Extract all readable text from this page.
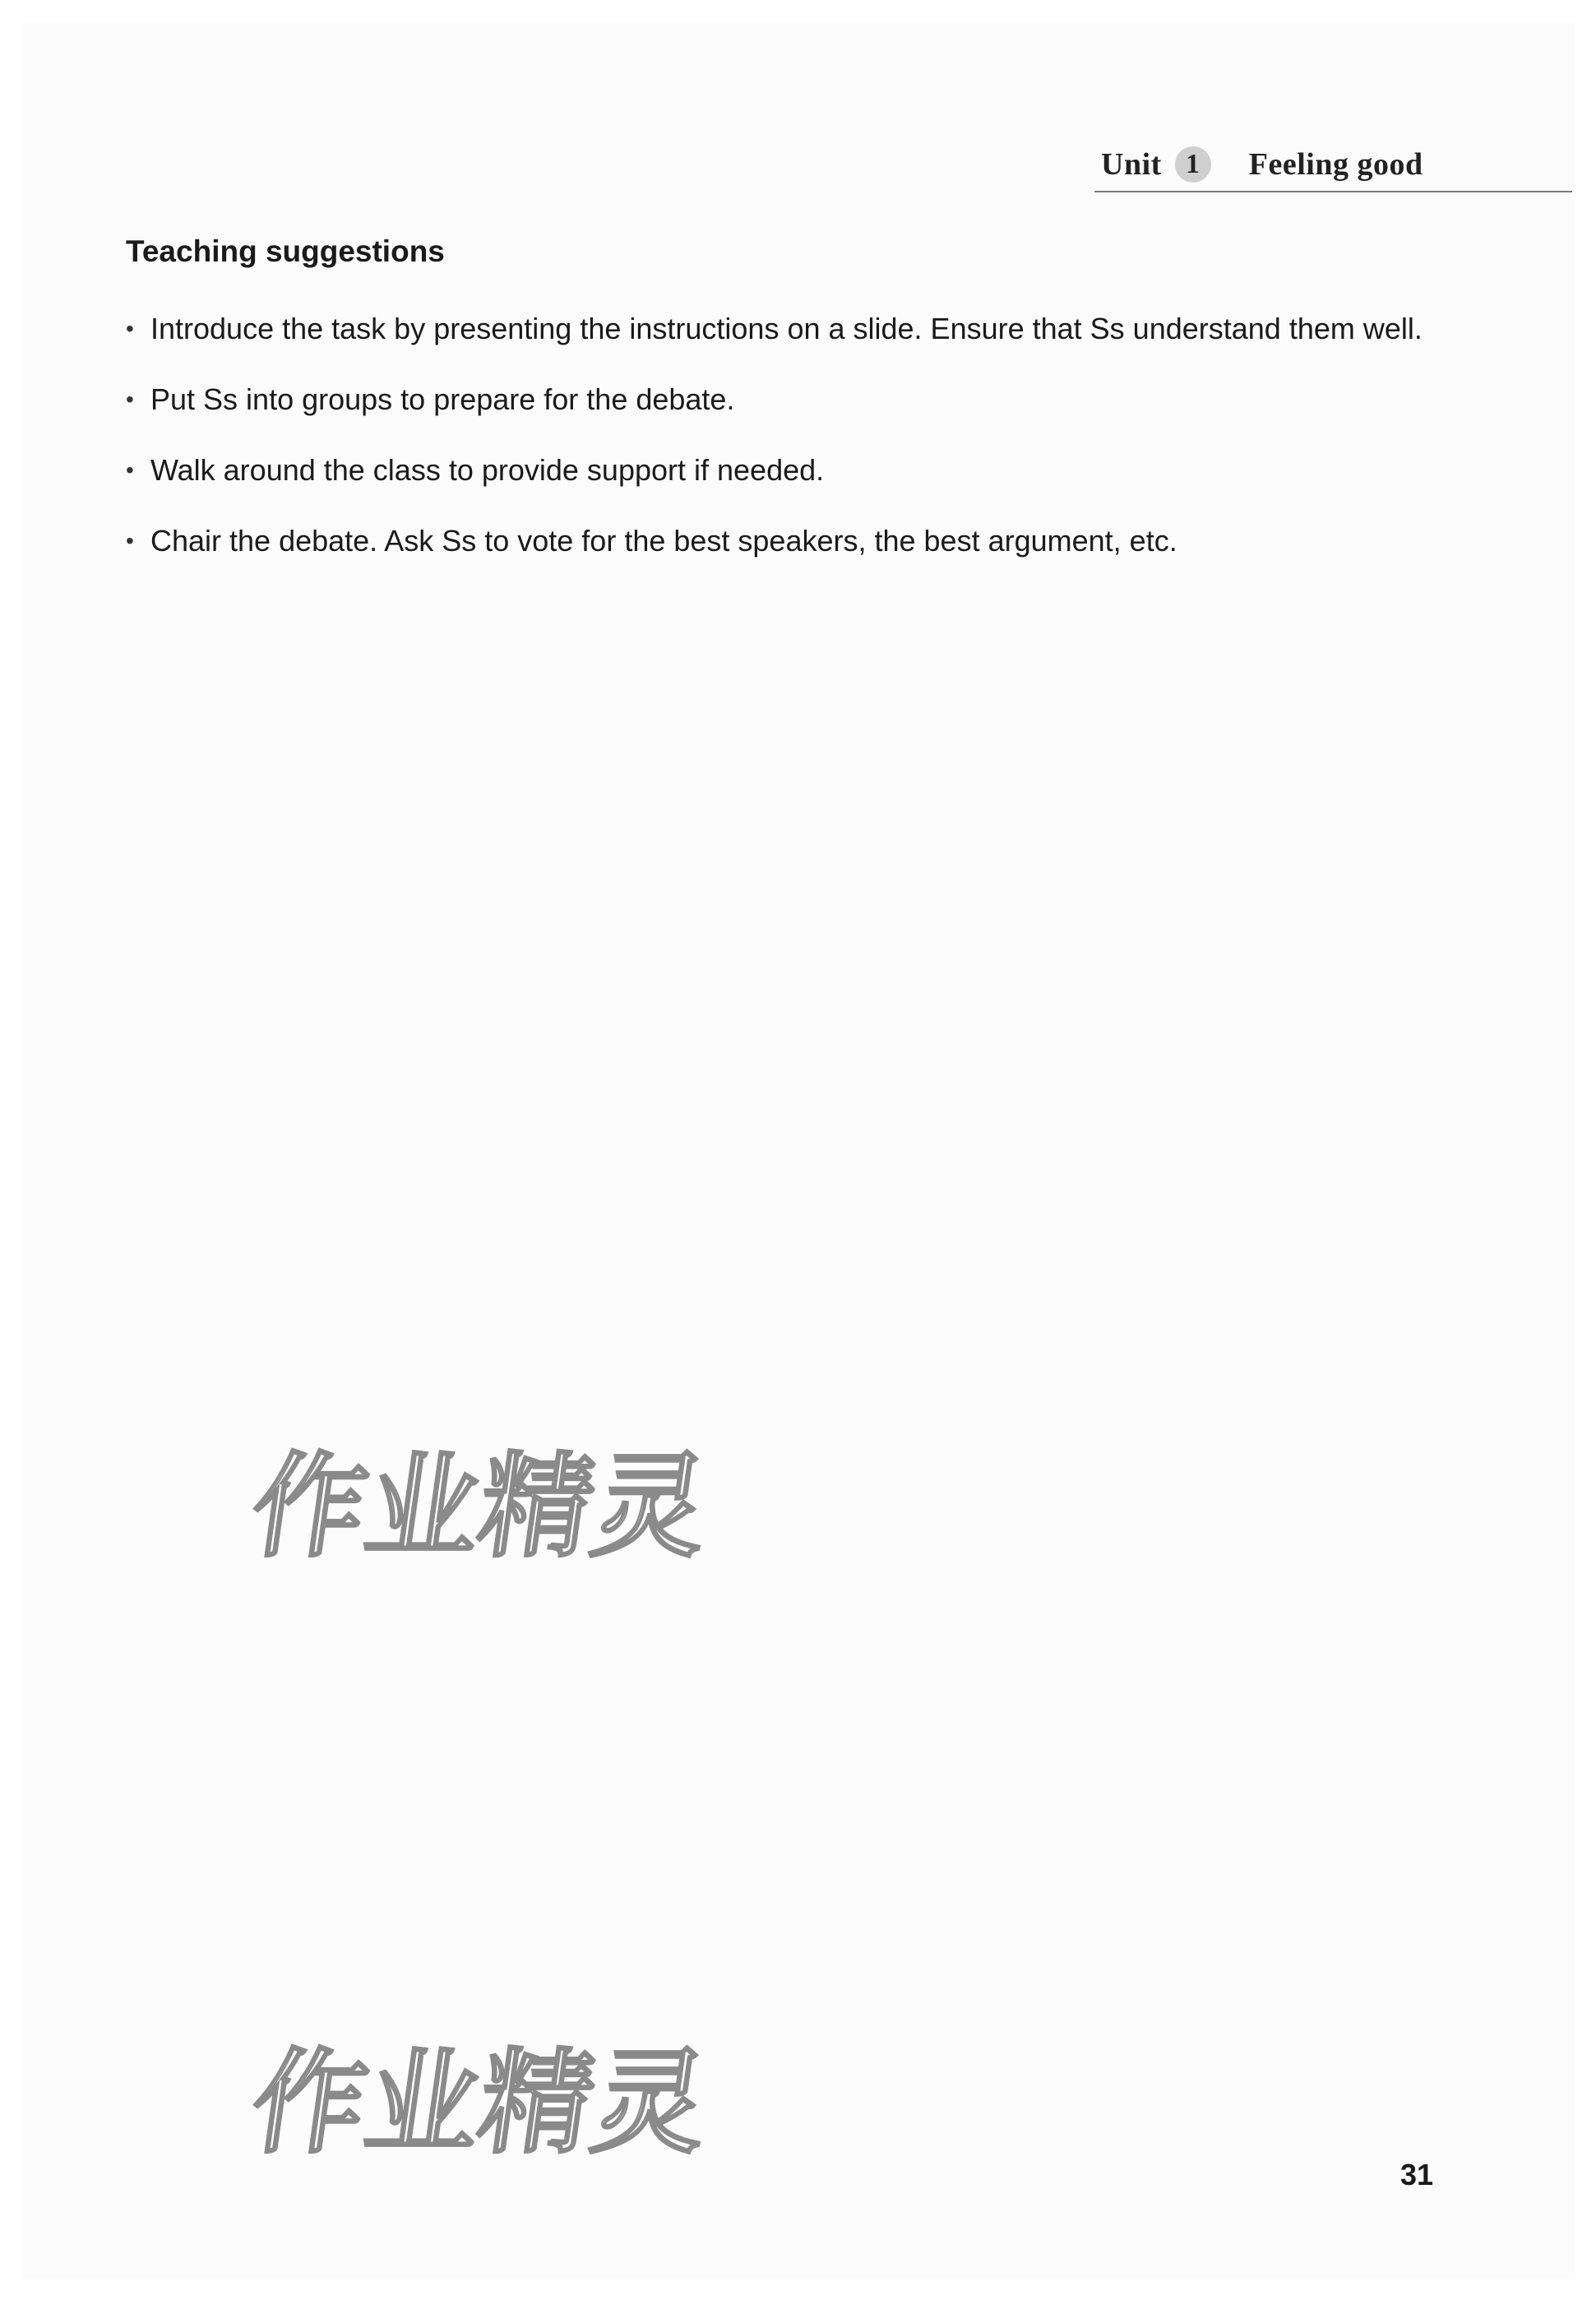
Unit 1	Feeling good
Teaching suggestions
• Introduce the task by presenting the instructions on a slide. Ensure that Ss understand them well.
• Put Ss into groups to prepare for the debate.
• Walk around the class to provide support if needed.
• Chair the debate. Ask Ss to vote for the best speakers, the best argument, etc.
作业精灵
作业精灵
31
